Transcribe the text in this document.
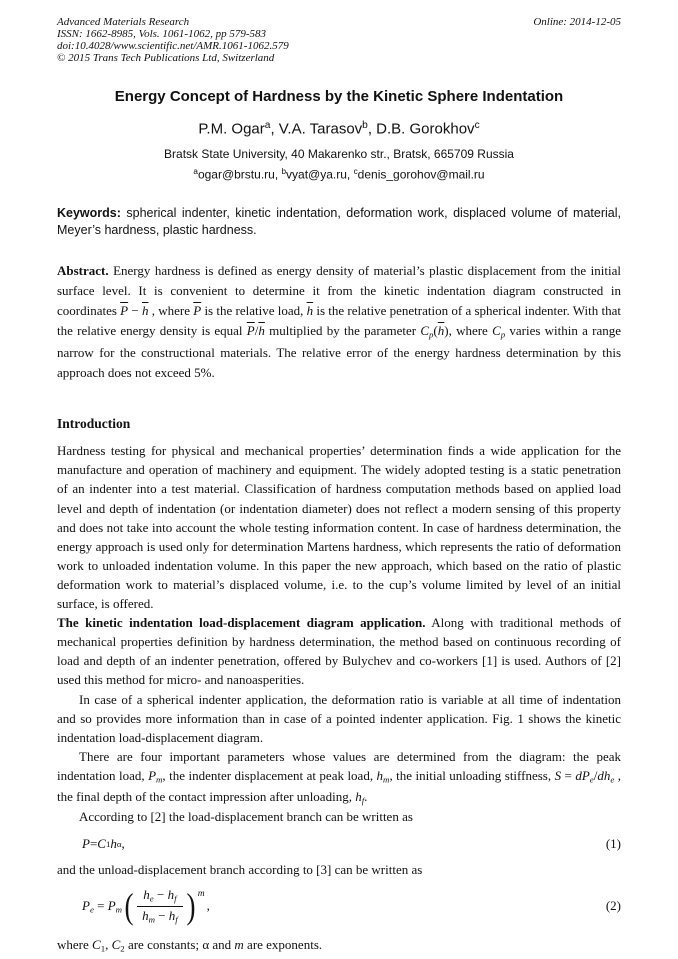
Advanced Materials Research
ISSN: 1662-8985, Vols. 1061-1062, pp 579-583
doi:10.4028/www.scientific.net/AMR.1061-1062.579
© 2015 Trans Tech Publications Ltd, Switzerland
Online: 2014-12-05
Energy Concept of Hardness by the Kinetic Sphere Indentation
P.M. Ogar$^a$, V.A. Tarasov$^b$, D.B. Gorokhov$^c$
Bratsk State University, 40 Makarenko str., Bratsk, 665709 Russia
$^a$ogar@brstu.ru, $^b$vyat@ya.ru, $^c$denis_gorohov@mail.ru

Keywords: spherical indenter, kinetic indentation, deformation work, displaced volume of material, Meyer’s hardness, plastic hardness.

Abstract. Energy hardness is defined as energy density of material’s plastic displacement from the initial surface level. It is convenient to determine it from the kinetic indentation diagram constructed in coordinates $\overline{P} - \overline{h}$ , where $\overline{P}$ is the relative load, $\overline{h}$ is the relative penetration of a spherical indenter. With that the relative energy density is equal $\overline{P}/\overline{h}$ multiplied by the parameter $Cp(\overline{h})$, where Cp varies within a range narrow for the constructional materials. The relative error of the energy hardness determination by this approach does not exceed 5%.

Introduction

Hardness testing for physical and mechanical properties’ determination finds a wide application for the manufacture and operation of machinery and equipment. The widely adopted testing is a static penetration of an indenter into a test material. Classification of hardness computation methods based on applied load level and depth of indentation (or indentation diameter) does not reflect a modern sensing of this property and does not take into account the whole testing information content. In case of hardness determination, the energy approach is used only for determination Martens hardness, which represents the ratio of deformation work to unloaded indentation volume. In this paper the new approach, which based on the ratio of plastic deformation work to material’s displaced volume, i.e. to the cup’s volume limited by level of an initial surface, is offered.

The kinetic indentation load-displacement diagram application. Along with traditional methods of mechanical properties definition by hardness determination, the method based on continuous recording of load and depth of an indenter penetration, offered by Bulychev and co-workers [1] is used. Authors of [2] used this method for micro- and nanoasperities.

In case of a spherical indenter application, the deformation ratio is variable at all time of indentation and so provides more information than in case of a pointed indenter application. Fig. 1 shows the kinetic indentation load-displacement diagram.

There are four important parameters whose values are determined from the diagram: the peak indentation load, Pm, the indenter displacement at peak load, hm, the initial unloading stiffness, S = dPe/dhe , the final depth of the contact impression after unloading, hf.

According to [2] the load-displacement branch can be written as

P = C 1 h α ,	(1)

and the unload-displacement branch according to [3] can be written as

Pe = Pm ( $\frac{he - hf}{hm - hf}$ ) m
,	(2)

where C1, C2 are constants; α and m are exponents.
